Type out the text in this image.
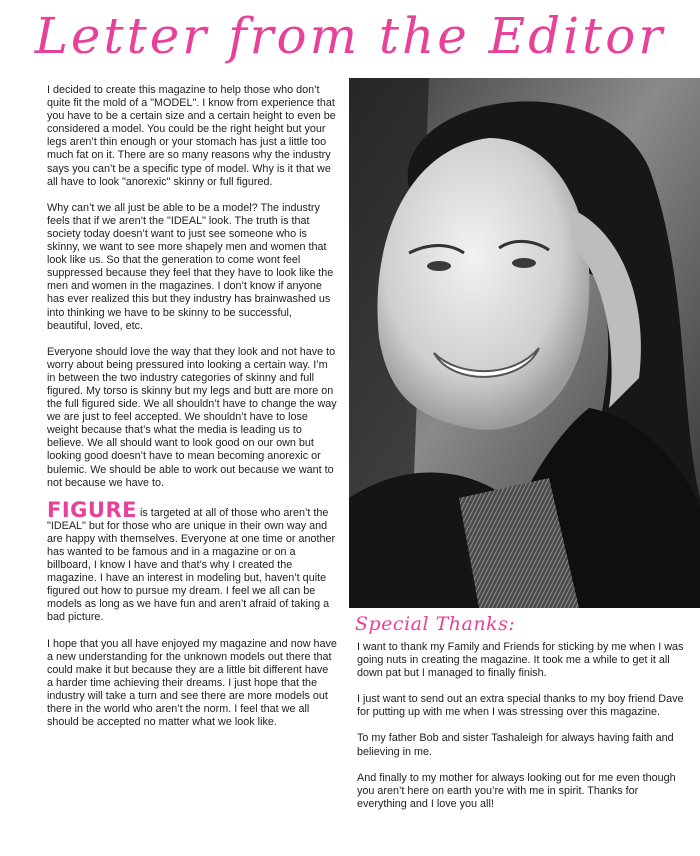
Letter from the Editor

I decided to create this magazine to help those who don’t quite fit the mold of a "MODEL". I know from experience that you have to be a certain size and a certain height to even be considered a model. You could be the right height but your legs aren’t thin enough or your stomach has just a little too much fat on it. There are so many reasons why the industry says you can’t be a specific type of model. Why is it that we all have to look "anorexic" skinny or full figured.

Why can’t we all just be able to be a model? The industry feels that if we aren’t the "IDEAL" look. The truth is that society today doesn’t want to just see someone who is skinny, we want to see more shapely men and women that look like us. So that the generation to come wont feel suppressed because they feel that they have to look like the men and women in the magazines. I don’t know if anyone has ever realized this but they industry has brainwashed us into thinking we have to be skinny to be successful, beautiful, loved, etc.

Everyone should love the way that they look and not have to worry about being pressured into looking a certain way. I’m in between the two industry categories of skinny and full figured. My torso is skinny but my legs and butt are more on the full figured side. We all shouldn’t have to change the way we are just to feel accepted. We shouldn’t have to lose weight because that’s what the media is leading us to believe. We all should want to look good on our own but looking good doesn’t have to mean becoming anorexic or bulemic. We should be able to work out because we want to not because we have to.

FIGURE is targeted at all of those who aren’t the "IDEAL" but for those who are unique in their own way and are happy with themselves. Everyone at one time or another has wanted to be famous and in a magazine or on a billboard, I know I have and that’s why I created the magazine. I have an interest in modeling but, haven’t quite figured out how to pursue my dream. I feel we all can be models as long as we have fun and aren’t afraid of taking a bad picture.

I hope that you all have enjoyed my magazine and now have a new understanding for the unknown models out there that could make it but because they are a little bit different have a harder time achieving their dreams. I just hope that the industry will take a turn and see there are more models out there in the world who aren’t the norm. I feel that we all should be accepted no matter what we look like.

Special Thanks:

I want to thank my Family and Friends for sticking by me when I was going nuts in creating the magazine. It took me a while to get it all down pat but I managed to finally finish.

I just want to send out an extra special thanks to my boy friend Dave for putting up with me when I was stressing over this magazine.

To my father Bob and sister Tashaleigh for always having faith and believing in me.

And finally to my mother for always looking out for me even though you aren’t here on earth you’re with me in spirit. Thanks for everything and I love you all!
